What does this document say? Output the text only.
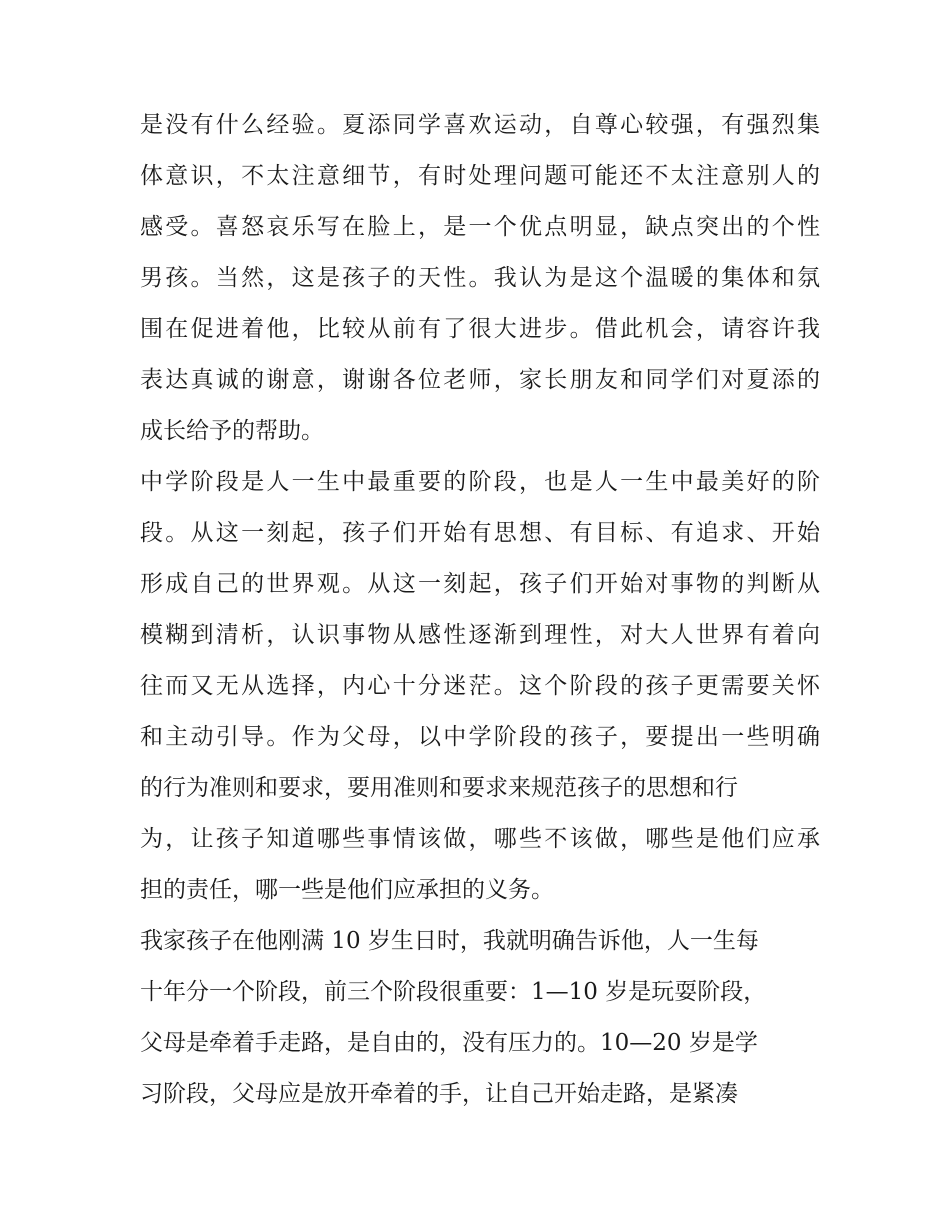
是没有什么经验。夏添同学喜欢运动，自尊心较强，有强烈集
体意识，不太注意细节，有时处理问题可能还不太注意别人的
感受。喜怒哀乐写在脸上，是一个优点明显，缺点突出的个性
男孩。当然，这是孩子的天性。我认为是这个温暖的集体和氛
围在促进着他，比较从前有了很大进步。借此机会，请容许我
表达真诚的谢意，谢谢各位老师，家长朋友和同学们对夏添的
成长给予的帮助。
中学阶段是人一生中最重要的阶段，也是人一生中最美好的阶
段。从这一刻起，孩子们开始有思想、有目标、有追求、开始
形成自己的世界观。从这一刻起，孩子们开始对事物的判断从
模糊到清析，认识事物从感性逐渐到理性，对大人世界有着向
往而又无从选择，内心十分迷茫。这个阶段的孩子更需要关怀
和主动引导。作为父母，以中学阶段的孩子，要提出一些明确
的行为准则和要求，要用准则和要求来规范孩子的思想和行
为，让孩子知道哪些事情该做，哪些不该做，哪些是他们应承
担的责任，哪一些是他们应承担的义务。
我家孩子在他刚满 10 岁生日时，我就明确告诉他，人一生每
十年分一个阶段，前三个阶段很重要：1—10 岁是玩耍阶段，
父母是牵着手走路，是自由的，没有压力的。10—20 岁是学
习阶段，父母应是放开牵着的手，让自己开始走路，是紧凑
